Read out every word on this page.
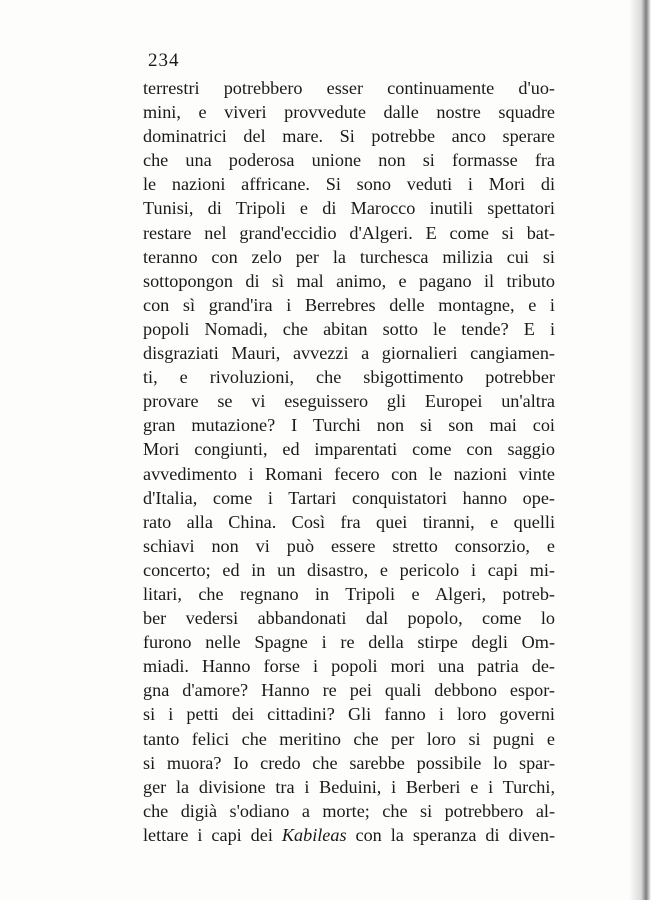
234
terrestri potrebbero esser continuamente d'uo-
mini, e viveri provvedute dalle nostre squadre
dominatrici del mare. Si potrebbe anco sperare
che una poderosa unione non si formasse fra
le nazioni affricane. Si sono veduti i Mori di
Tunisi, di Tripoli e di Marocco inutili spettatori
restare nel grand'eccidio d'Algeri. E come si bat-
teranno con zelo per la turchesca milizia cui si
sottopongon di sì mal animo, e pagano il tributo
con sì grand'ira i Berrebres delle montagne, e i
popoli Nomadi, che abitan sotto le tende? E i
disgraziati Mauri, avvezzi a giornalieri cangiamen-
ti, e rivoluzioni, che sbigottimento potrebber
provare se vi eseguissero gli Europei un'altra
gran mutazione? I Turchi non si son mai coi
Mori congiunti, ed imparentati come con saggio
avvedimento i Romani fecero con le nazioni vinte
d'Italia, come i Tartari conquistatori hanno ope-
rato alla China. Così fra quei tiranni, e quelli
schiavi non vi può essere stretto consorzio, e
concerto; ed in un disastro, e pericolo i capi mi-
litari, che regnano in Tripoli e Algeri, potreb-
ber vedersi abbandonati dal popolo, come lo
furono nelle Spagne i re della stirpe degli Om-
miadi. Hanno forse i popoli mori una patria de-
gna d'amore? Hanno re pei quali debbono espor-
si i petti dei cittadini? Gli fanno i loro governi
tanto felici che meritino che per loro si pugni e
si muora? Io credo che sarebbe possibile lo spar-
ger la divisione tra i Beduini, i Berberi e i Turchi,
che digià s'odiano a morte; che si potrebbero al-
lettare i capi dei Kabileas con la speranza di diven-
